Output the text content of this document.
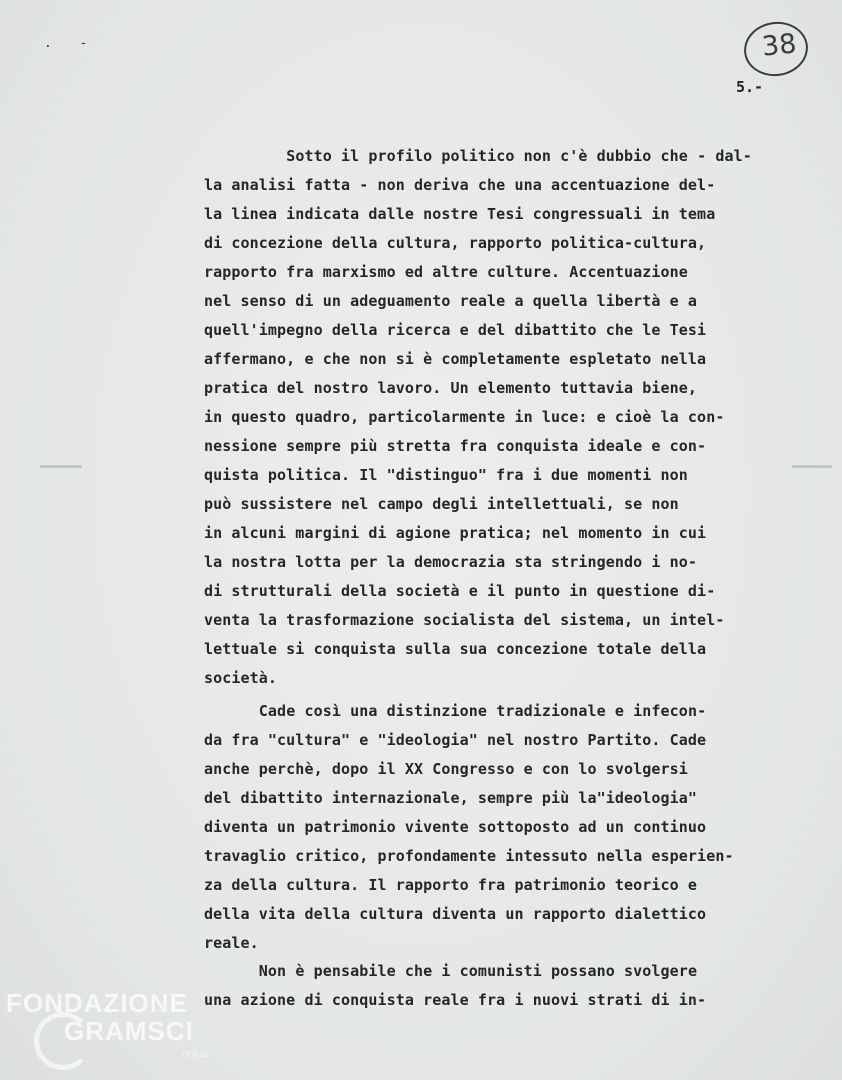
. -	38
5.-
Sotto il profilo politico non c'è dubbio che - dal-
la analisi fatta - non deriva che una accentuazione del-
la linea indicata dalle nostre Tesi congressuali in tema
di concezione della cultura, rapporto politica-cultura,
rapporto fra marxismo ed altre culture. Accentuazione
nel senso di un adeguamento reale a quella libertà e a
quell'impegno della ricerca e del dibattito che le Tesi
affermano, e che non si è completamente espletato nella
pratica del nostro lavoro. Un elemento tuttavia biene,
in questo quadro, particolarmente in luce: e cioè la con-
nessione sempre più stretta fra conquista ideale e con-
quista politica. Il "distinguo" fra i due momenti non
può sussistere nel campo degli intellettuali, se non
in alcuni margini di agione pratica; nel momento in cui
la nostra lotta per la democrazia sta stringendo i no-
di strutturali della società e il punto in questione di-
venta la trasformazione socialista del sistema, un intel-
lettuale si conquista sulla sua concezione totale della
società.
Cade così una distinzione tradizionale e infecon-
da fra "cultura" e "ideologia" nel nostro Partito. Cade
anche perchè, dopo il XX Congresso e con lo svolgersi
del dibattito internazionale, sempre più la"ideologia"
diventa un patrimonio vivente sottoposto ad un continuo
travaglio critico, profondamente intessuto nella esperien-
za della cultura. Il rapporto fra patrimonio teorico e
della vita della cultura diventa un rapporto dialettico
reale.
Non è pensabile che i comunisti possano svolgere
una azione di conquista reale fra i nuovi strati di in-
FONDAZIONE
GRAMSCI
onlus
